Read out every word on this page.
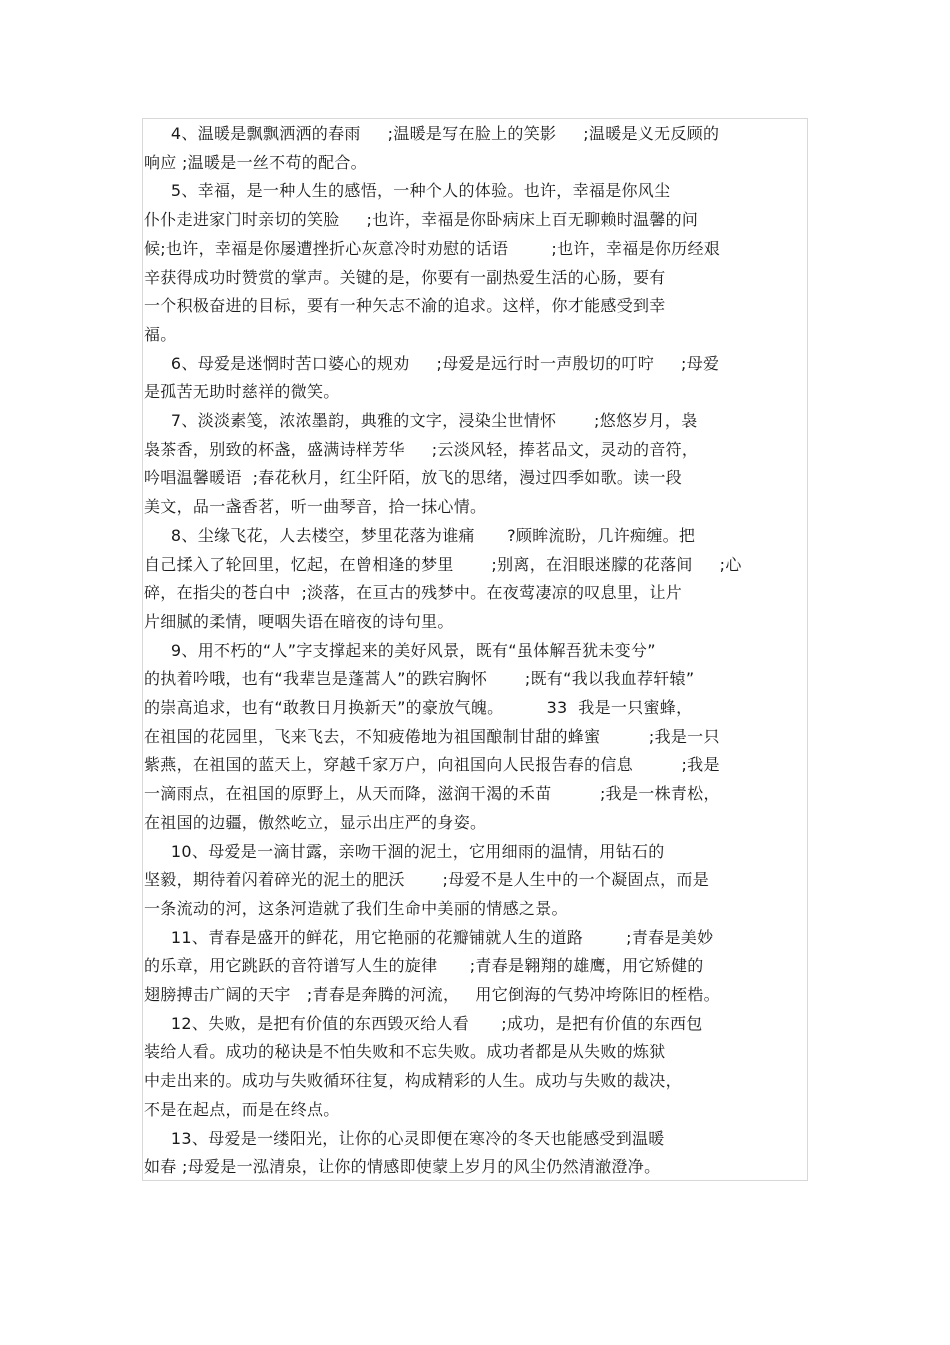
4、温暖是飘飘洒洒的春雨     ;温暖是写在脸上的笑影     ;温暖是义无反顾的
响应 ;温暖是一丝不苟的配合。
5、幸福，是一种人生的感悟，一种个人的体验。也许，幸福是你风尘
仆仆走进家门时亲切的笑脸     ;也许，幸福是你卧病床上百无聊赖时温馨的问
候;也许，幸福是你屡遭挫折心灰意冷时劝慰的话语        ;也许，幸福是你历经艰
辛获得成功时赞赏的掌声。关键的是，你要有一副热爱生活的心肠，要有
一个积极奋进的目标，要有一种矢志不渝的追求。这样，你才能感受到幸
福。
6、母爱是迷惘时苦口婆心的规劝     ;母爱是远行时一声殷切的叮咛     ;母爱
是孤苦无助时慈祥的微笑。
7、淡淡素笺，浓浓墨韵，典雅的文字，浸染尘世情怀       ;悠悠岁月，袅
袅茶香，别致的杯盏，盛满诗样芳华     ;云淡风轻，捧茗品文，灵动的音符，
吟唱温馨暖语  ;春花秋月，红尘阡陌，放飞的思绪，漫过四季如歌。读一段
美文，品一盏香茗，听一曲琴音，拾一抹心情。
8、尘缘飞花，人去楼空，梦里花落为谁痛      ?顾眸流盼，几许痴缠。把
自己揉入了轮回里，忆起，在曾相逢的梦里       ;别离，在泪眼迷朦的花落间     ;心
碎，在指尖的苍白中  ;淡落，在亘古的残梦中。在夜莺凄凉的叹息里，让片
片细腻的柔情，哽咽失语在暗夜的诗句里。
9、用不朽的“人”字支撑起来的美好风景，既有“虽体解吾犹未变兮”
的执着吟哦，也有“我辈岂是蓬蒿人”的跌宕胸怀       ;既有“我以我血荐轩辕”
的崇高追求，也有“敢教日月换新天”的豪放气魄。        33  我是一只蜜蜂，
在祖国的花园里，飞来飞去，不知疲倦地为祖国酿制甘甜的蜂蜜         ;我是一只
紫燕，在祖国的蓝天上，穿越千家万户，向祖国向人民报告春的信息         ;我是
一滴雨点，在祖国的原野上，从天而降，滋润干渴的禾苗         ;我是一株青松，
在祖国的边疆，傲然屹立，显示出庄严的身姿。
10、母爱是一滴甘露，亲吻干涸的泥土，它用细雨的温情，用钻石的
坚毅，期待着闪着碎光的泥土的肥沃       ;母爱不是人生中的一个凝固点，而是
一条流动的河，这条河造就了我们生命中美丽的情感之景。
11、青春是盛开的鲜花，用它艳丽的花瓣铺就人生的道路        ;青春是美妙
的乐章，用它跳跃的音符谱写人生的旋律      ;青春是翱翔的雄鹰，用它矫健的
翅膀搏击广阔的天宇   ;青春是奔腾的河流，   用它倒海的气势冲垮陈旧的桎梏。
12、失败，是把有价值的东西毁灭给人看      ;成功，是把有价值的东西包
装给人看。成功的秘诀是不怕失败和不忘失败。成功者都是从失败的炼狱
中走出来的。成功与失败循环往复，构成精彩的人生。成功与失败的裁决，
不是在起点，而是在终点。
13、母爱是一缕阳光，让你的心灵即便在寒冷的冬天也能感受到温暖
如春 ;母爱是一泓清泉，让你的情感即使蒙上岁月的风尘仍然清澈澄净。
